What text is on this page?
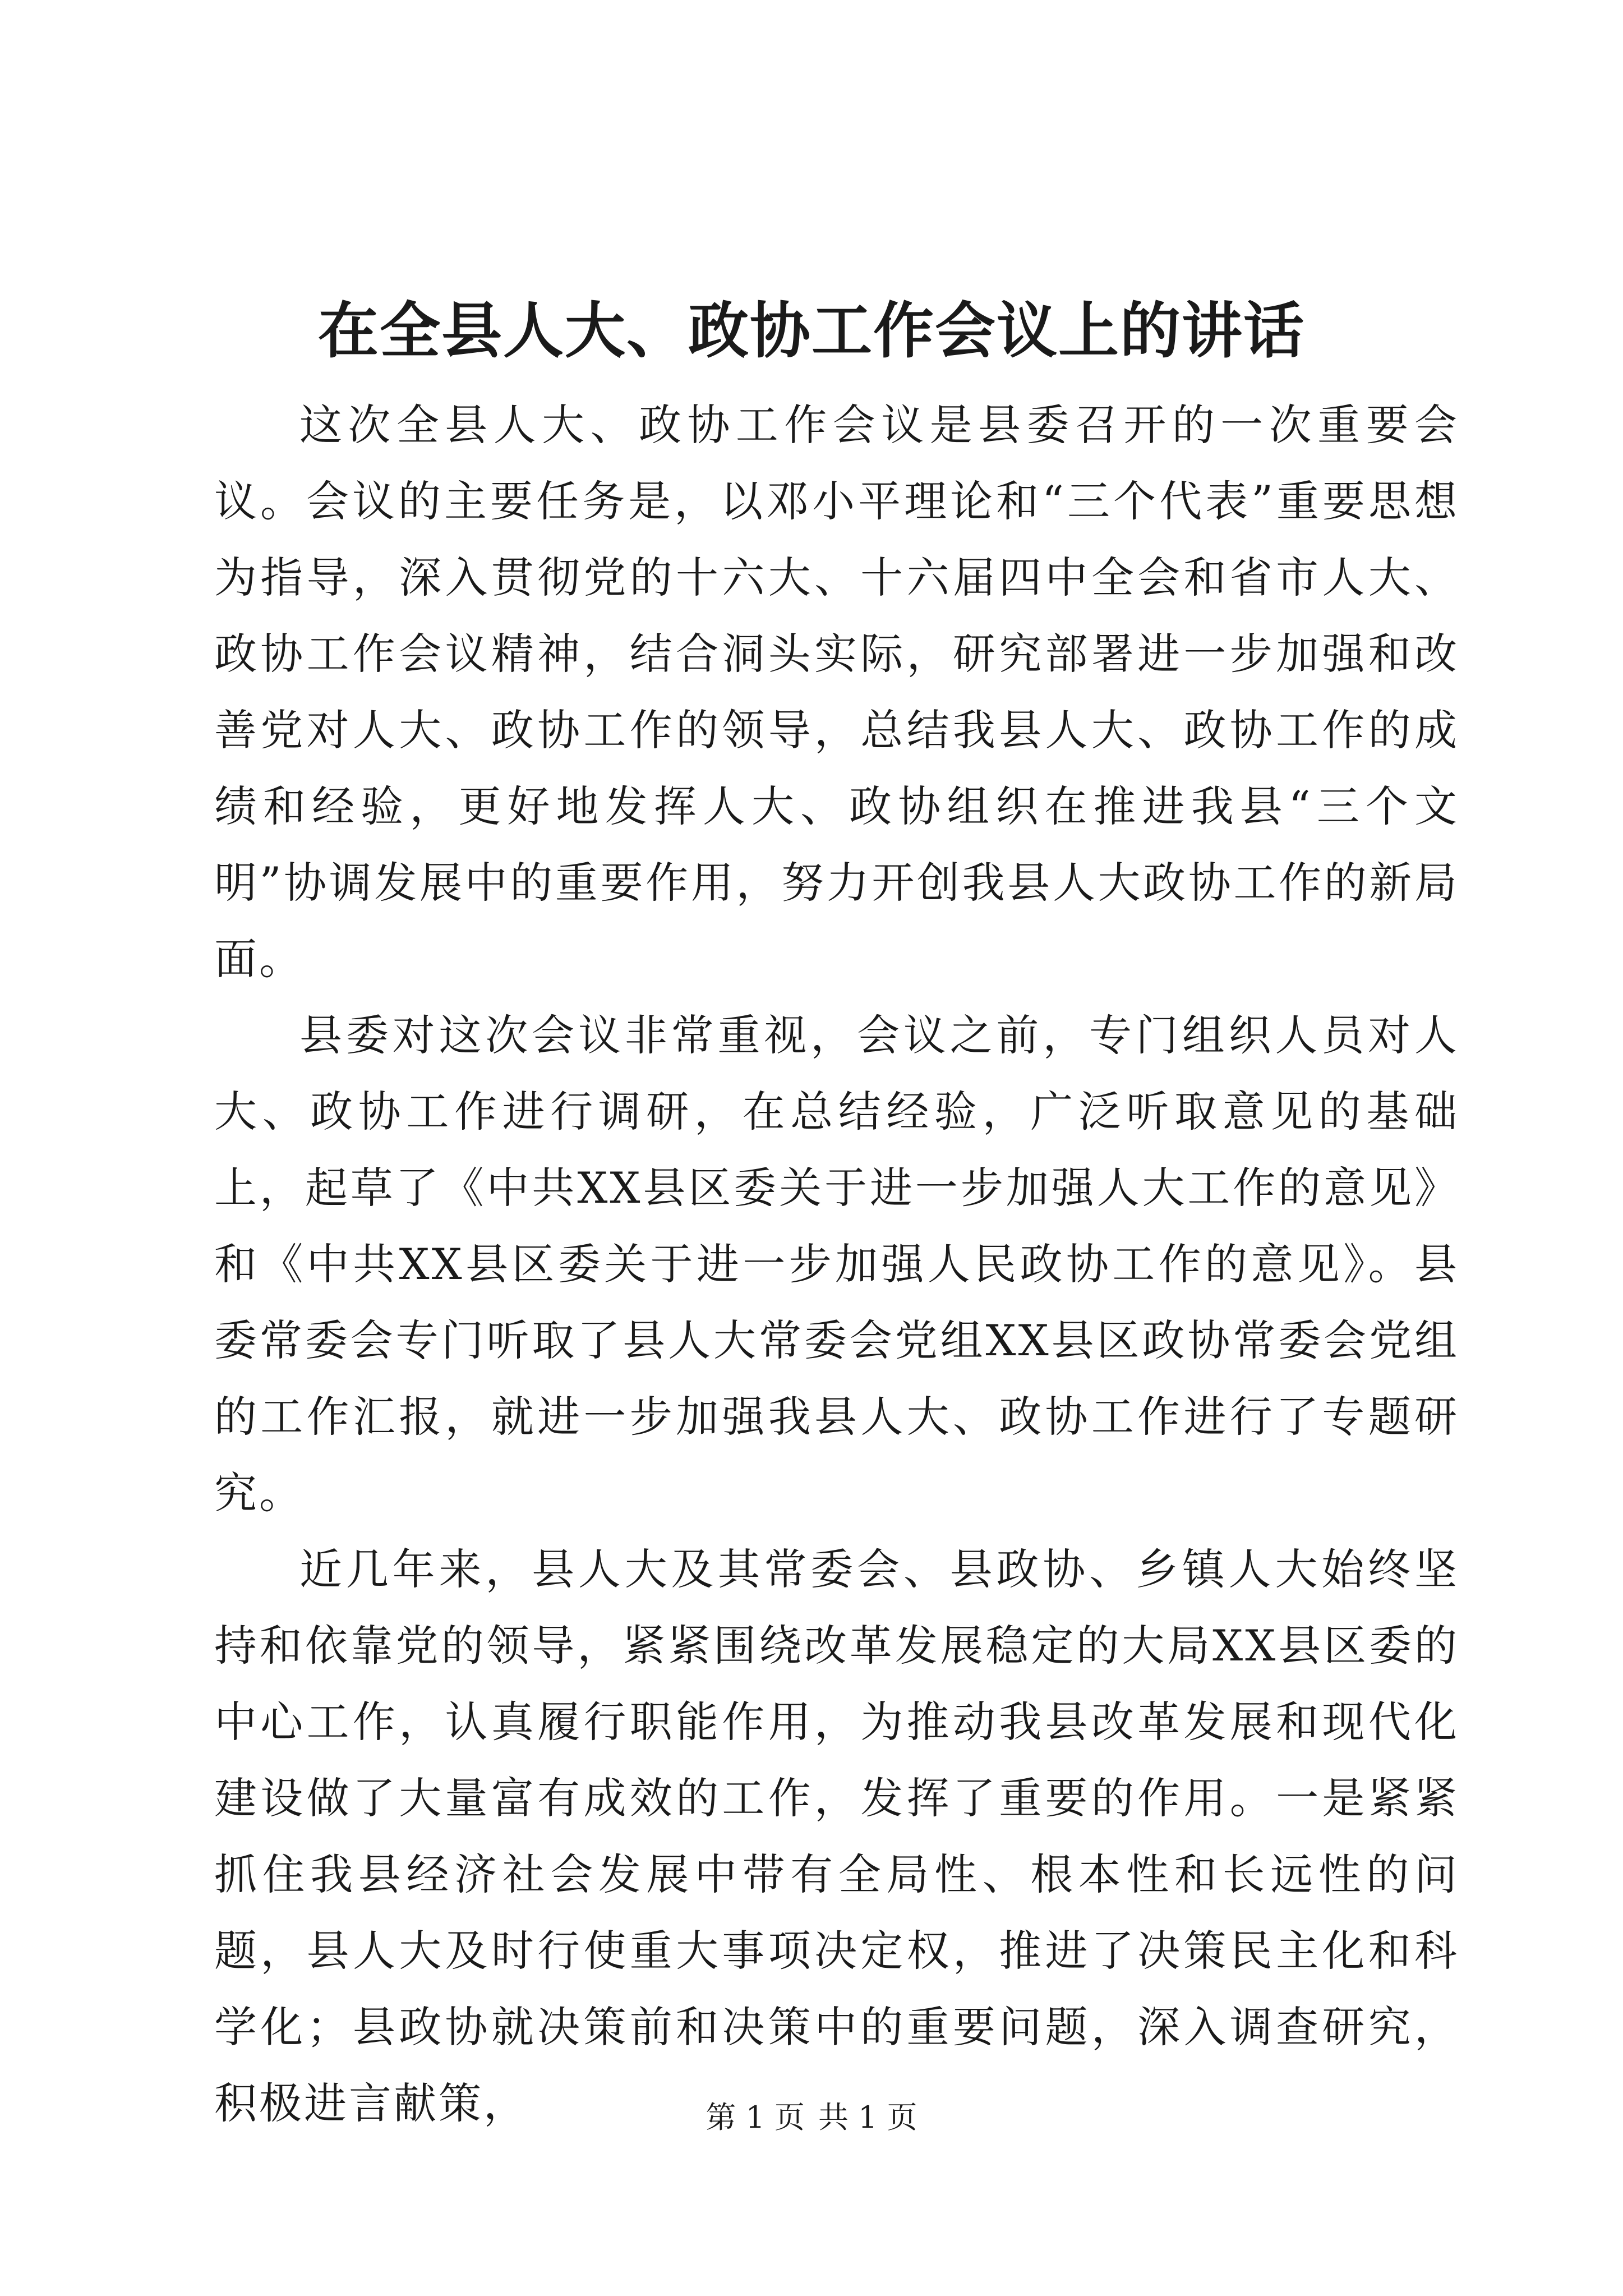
在全县人大、政协工作会议上的讲话

这次全县人大、政协工作会议是县委召开的一次重要会议。会议的主要任务是，以邓小平理论和“三个代表”重要思想为指导，深入贯彻党的十六大、十六届四中全会和省市人大、政协工作会议精神，结合洞头实际，研究部署进一步加强和改善党对人大、政协工作的领导，总结我县人大、政协工作的成绩和经验，更好地发挥人大、政协组织在推进我县“三个文明”协调发展中的重要作用，努力开创我县人大政协工作的新局面。

县委对这次会议非常重视，会议之前，专门组织人员对人大、政协工作进行调研，在总结经验，广泛听取意见的基础上，起草了《中共XX县区委关于进一步加强人大工作的意见》和《中共XX县区委关于进一步加强人民政协工作的意见》。县委常委会专门听取了县人大常委会党组XX县区政协常委会党组的工作汇报，就进一步加强我县人大、政协工作进行了专题研究。

近几年来，县人大及其常委会、县政协、乡镇人大始终坚持和依靠党的领导，紧紧围绕改革发展稳定的大局XX县区委的中心工作，认真履行职能作用，为推动我县改革发展和现代化建设做了大量富有成效的工作，发挥了重要的作用。一是紧紧抓住我县经济社会发展中带有全局性、根本性和长远性的问题，县人大及时行使重大事项决定权，推进了决策民主化和科学化；县政协就决策前和决策中的重要问题，深入调查研究，积极进言献策，	第 1 页 共 1 页
